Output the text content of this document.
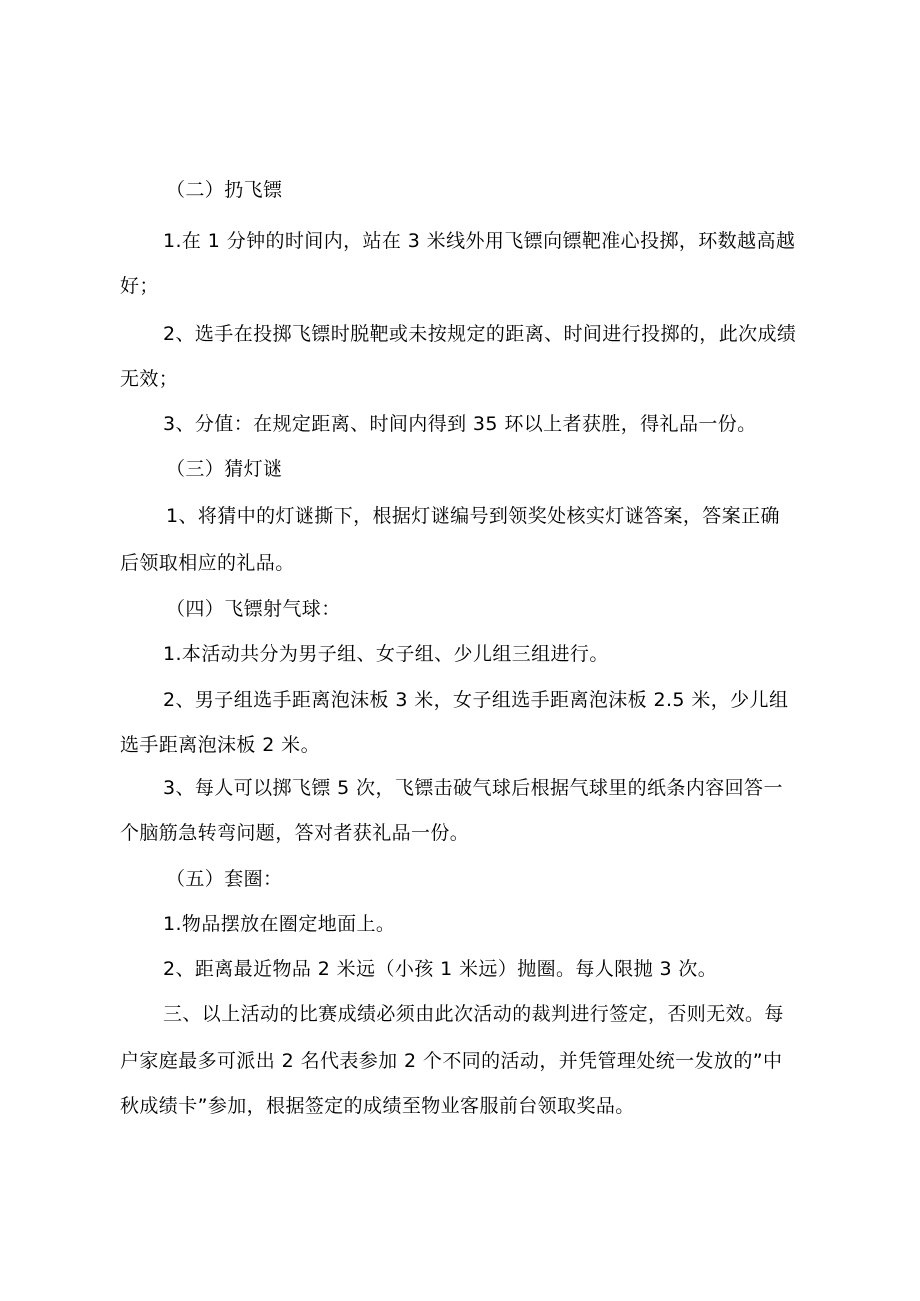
（二）扔飞镖
1.在 1 分钟的时间内，站在 3 米线外用飞镖向镖靶准心投掷，环数越高越
好；
2、选手在投掷飞镖时脱靶或未按规定的距离、时间进行投掷的，此次成绩
无效；
3、分值：在规定距离、时间内得到 35 环以上者获胜，得礼品一份。
（三）猜灯谜
1、将猜中的灯谜撕下，根据灯谜编号到领奖处核实灯谜答案，答案正确
后领取相应的礼品。
（四）飞镖射气球：
1.本活动共分为男子组、女子组、少儿组三组进行。
2、男子组选手距离泡沫板 3 米，女子组选手距离泡沫板 2.5 米，少儿组
选手距离泡沫板 2 米。
3、每人可以掷飞镖 5 次，飞镖击破气球后根据气球里的纸条内容回答一
个脑筋急转弯问题，答对者获礼品一份。
（五）套圈：
1.物品摆放在圈定地面上。
2、距离最近物品 2 米远（小孩 1 米远）抛圈。每人限抛 3 次。
三、以上活动的比赛成绩必须由此次活动的裁判进行签定，否则无效。每
户家庭最多可派出 2 名代表参加 2 个不同的活动，并凭管理处统一发放的”中
秋成绩卡”参加，根据签定的成绩至物业客服前台领取奖品。
